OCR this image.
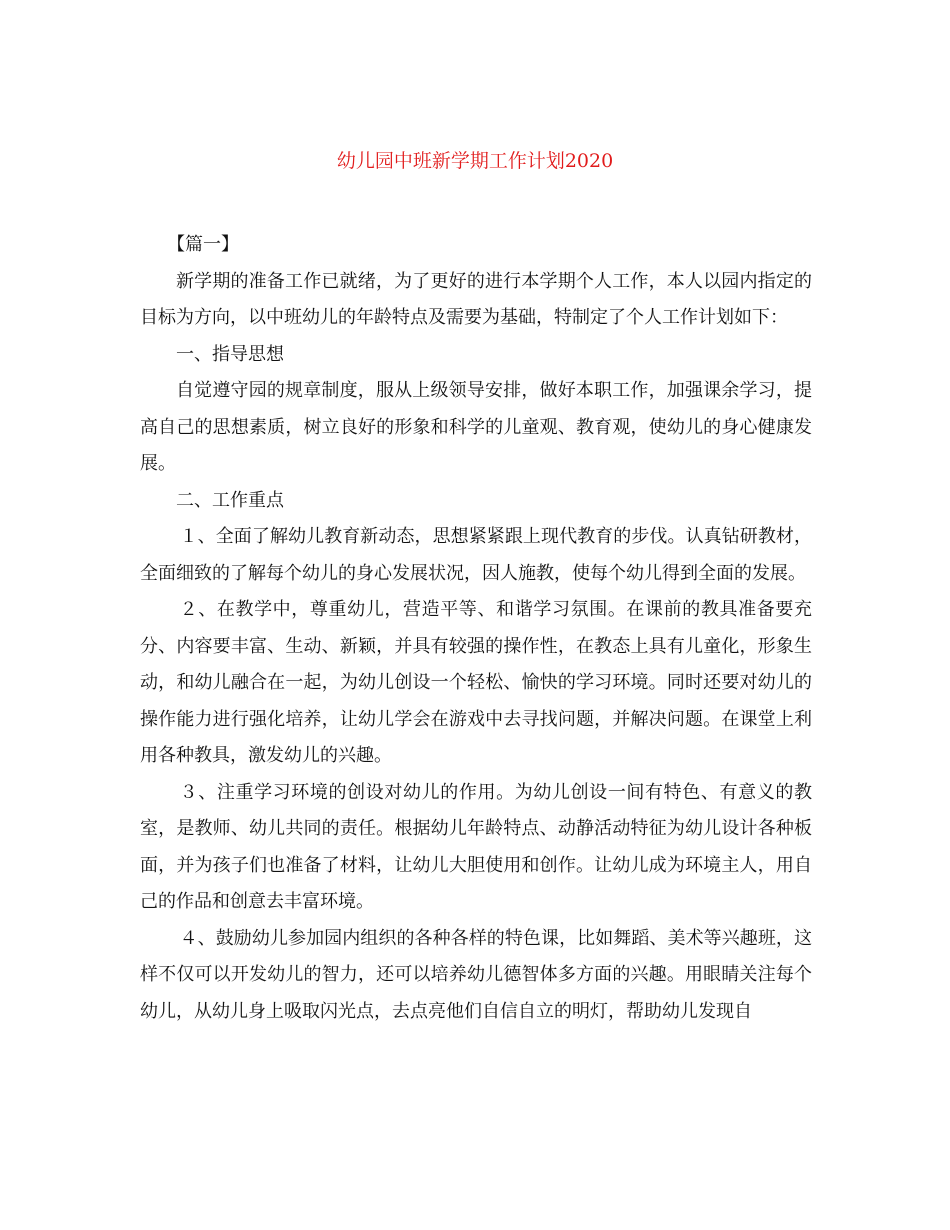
幼儿园中班新学期工作计划2020

【篇一】

新学期的准备工作已就绪，为了更好的进行本学期个人工作，本人以园内指定的目标为方向，以中班幼儿的年龄特点及需要为基础，特制定了个人工作计划如下：

一、指导思想

自觉遵守园的规章制度，服从上级领导安排，做好本职工作，加强课余学习，提高自己的思想素质，树立良好的形象和科学的儿童观、教育观，使幼儿的身心健康发展。

二、工作重点

１、全面了解幼儿教育新动态，思想紧紧跟上现代教育的步伐。认真钻研教材，全面细致的了解每个幼儿的身心发展状况，因人施教，使每个幼儿得到全面的发展。

２、在教学中，尊重幼儿，营造平等、和谐学习氛围。在课前的教具准备要充分、内容要丰富、生动、新颖，并具有较强的操作性，在教态上具有儿童化，形象生动，和幼儿融合在一起，为幼儿创设一个轻松、愉快的学习环境。同时还要对幼儿的操作能力进行强化培养，让幼儿学会在游戏中去寻找问题，并解决问题。在课堂上利用各种教具，激发幼儿的兴趣。

３、注重学习环境的创设对幼儿的作用。为幼儿创设一间有特色、有意义的教室，是教师、幼儿共同的责任。根据幼儿年龄特点、动静活动特征为幼儿设计各种板面，并为孩子们也准备了材料，让幼儿大胆使用和创作。让幼儿成为环境主人，用自己的作品和创意去丰富环境。

４、鼓励幼儿参加园内组织的各种各样的特色课，比如舞蹈、美术等兴趣班，这样不仅可以开发幼儿的智力，还可以培养幼儿德智体多方面的兴趣。用眼睛关注每个幼儿，从幼儿身上吸取闪光点，去点亮他们自信自立的明灯，帮助幼儿发现自
